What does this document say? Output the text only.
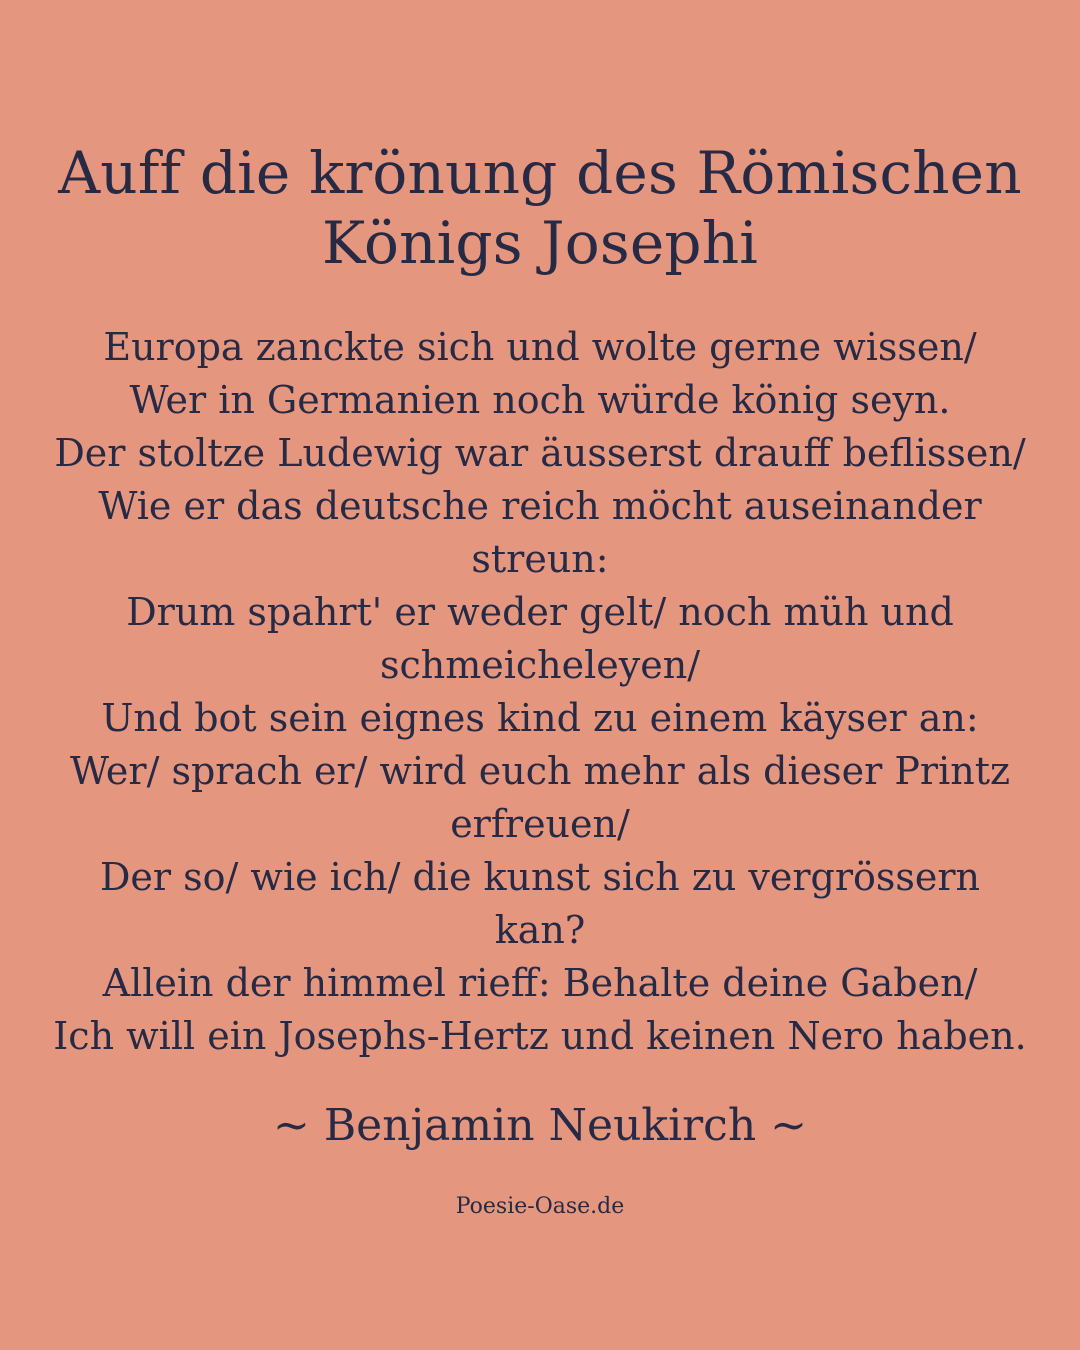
Auff die krönung des Römischen
Königs Josephi
Europa zanckte sich und wolte gerne wissen/
Wer in Germanien noch würde könig seyn.
Der stoltze Ludewig war äusserst drauff beflissen/
Wie er das deutsche reich möcht auseinander
streun:
Drum spahrt' er weder gelt/ noch müh und
schmeicheleyen/
Und bot sein eignes kind zu einem käyser an:
Wer/ sprach er/ wird euch mehr als dieser Printz
erfreuen/
Der so/ wie ich/ die kunst sich zu vergrössern
kan?
Allein der himmel rieff: Behalte deine Gaben/
Ich will ein Josephs-Hertz und keinen Nero haben.

~ Benjamin Neukirch ~

Poesie-Oase.de
